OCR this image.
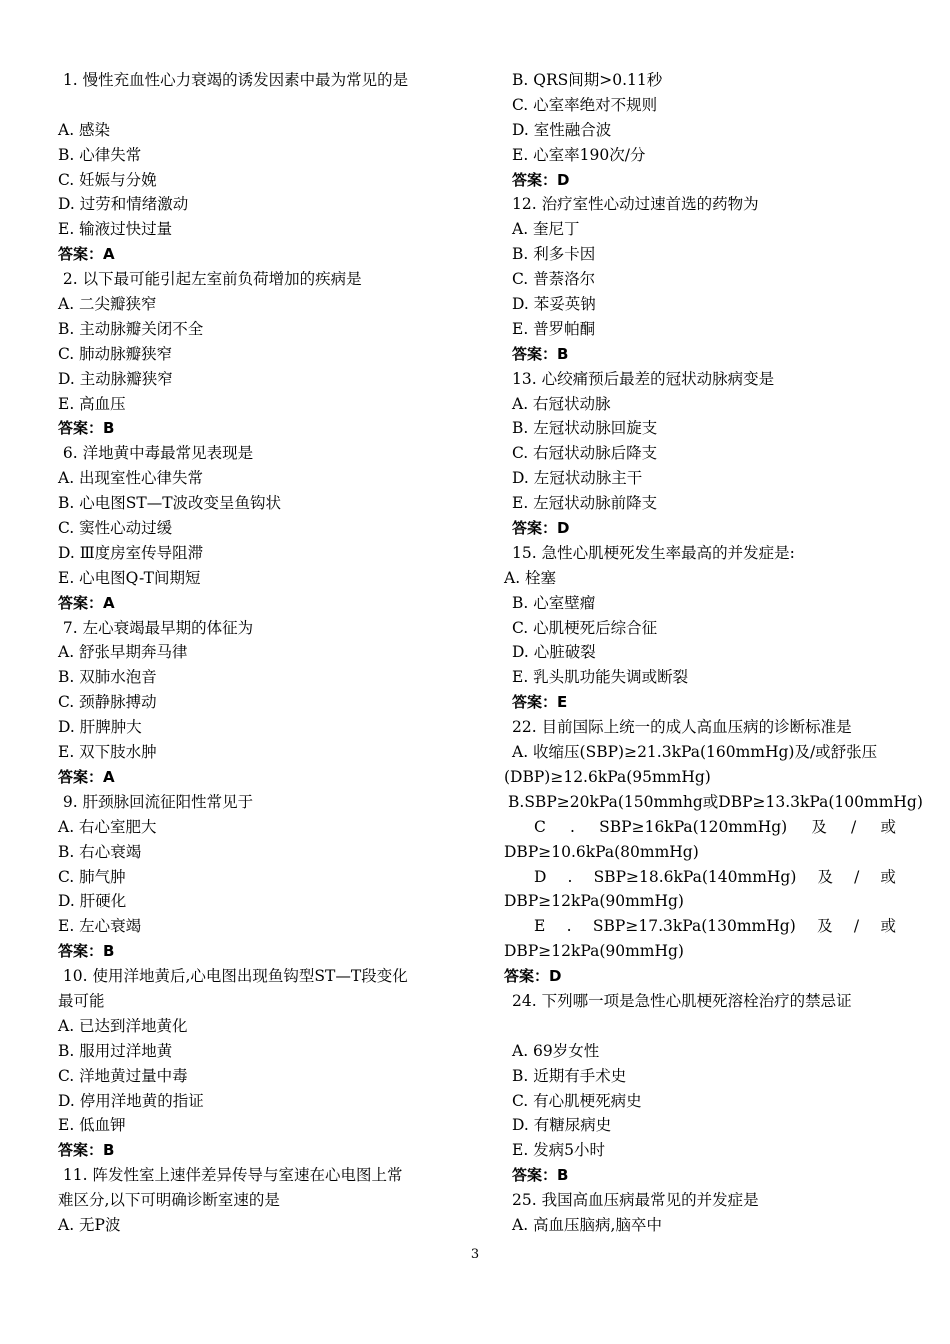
1. 慢性充血性心力衰竭的诱发因素中最为常见的是
A. 感染
B. 心律失常
C. 妊娠与分娩
D. 过劳和情绪激动
E. 输液过快过量
答案：A
2. 以下最可能引起左室前负荷增加的疾病是
A. 二尖瓣狭窄
B. 主动脉瓣关闭不全
C. 肺动脉瓣狭窄
D. 主动脉瓣狭窄
E. 高血压
答案：B
6. 洋地黄中毒最常见表现是
A. 出现室性心律失常
B. 心电图ST—T波改变呈鱼钩状
C. 窦性心动过缓
D. Ⅲ度房室传导阻滞
E. 心电图Q-T间期短
答案：A
7. 左心衰竭最早期的体征为
A. 舒张早期奔马律
B. 双肺水泡音
C. 颈静脉搏动
D. 肝脾肿大
E. 双下肢水肿
答案：A
9. 肝颈脉回流征阳性常见于
A. 右心室肥大
B. 右心衰竭
C. 肺气肿
D. 肝硬化
E. 左心衰竭
答案：B
10. 使用洋地黄后,心电图出现鱼钩型ST—T段变化
最可能
A. 已达到洋地黄化
B. 服用过洋地黄
C. 洋地黄过量中毒
D. 停用洋地黄的指证
E. 低血钾
答案：B
11. 阵发性室上速伴差异传导与室速在心电图上常
难区分,以下可明确诊断室速的是
A. 无P波
B. QRS间期>0.11秒
C. 心室率绝对不规则
D. 室性融合波
E. 心室率190次/分
答案：D
12. 治疗室性心动过速首选的药物为
A. 奎尼丁
B. 利多卡因
C. 普萘洛尔
D. 苯妥英钠
E. 普罗帕酮
答案：B
13. 心绞痛预后最差的冠状动脉病变是
A. 右冠状动脉
B. 左冠状动脉回旋支
C. 右冠状动脉后降支
D. 左冠状动脉主干
E. 左冠状动脉前降支
答案：D
15. 急性心肌梗死发生率最高的并发症是:
A. 栓塞
B. 心室壁瘤
C. 心肌梗死后综合征
D. 心脏破裂
E. 乳头肌功能失调或断裂
答案：E
22. 目前国际上统一的成人高血压病的诊断标准是
A. 收缩压(SBP)≥21.3kPa(160mmHg)及/或舒张压
(DBP)≥12.6kPa(95mmHg)
B.SBP≥20kPa(150mmhg或DBP≥13.3kPa(100mmHg)
C . SBP≥16kPa(120mmHg) 及 / 或
DBP≥10.6kPa(80mmHg)
D . SBP≥18.6kPa(140mmHg) 及 / 或
DBP≥12kPa(90mmHg)
E . SBP≥17.3kPa(130mmHg) 及 / 或
DBP≥12kPa(90mmHg)
答案：D
24. 下列哪一项是急性心肌梗死溶栓治疗的禁忌证
A. 69岁女性
B. 近期有手术史
C. 有心肌梗死病史
D. 有糖尿病史
E. 发病5小时
答案：B
25. 我国高血压病最常见的并发症是
A. 高血压脑病,脑卒中
3
